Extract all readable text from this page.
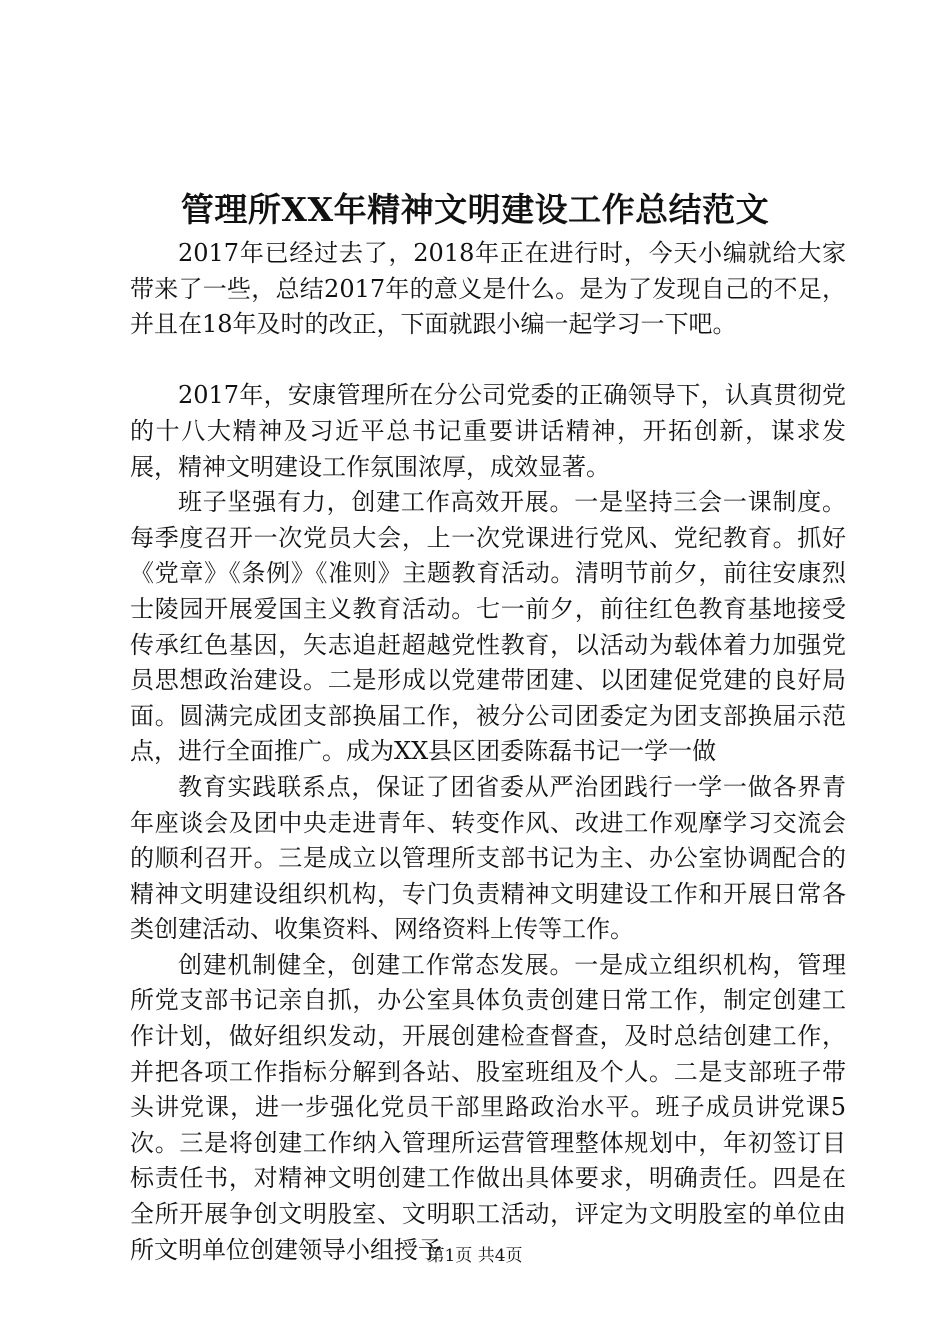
管理所XX年精神文明建设工作总结范文

2017年已经过去了，2018年正在进行时，今天小编就给大家带来了一些，总结2017年的意义是什么。是为了发现自己的不足，并且在18年及时的改正，下面就跟小编一起学习一下吧。

2017年，安康管理所在分公司党委的正确领导下，认真贯彻党的十八大精神及习近平总书记重要讲话精神，开拓创新，谋求发展，精神文明建设工作氛围浓厚，成效显著。

班子坚强有力，创建工作高效开展。一是坚持三会一课制度。每季度召开一次党员大会，上一次党课进行党风、党纪教育。抓好《党章》《条例》《准则》主题教育活动。清明节前夕，前往安康烈士陵园开展爱国主义教育活动。七一前夕，前往红色教育基地接受传承红色基因，矢志追赶超越党性教育，以活动为载体着力加强党员思想政治建设。二是形成以党建带团建、以团建促党建的良好局面。圆满完成团支部换届工作，被分公司团委定为团支部换届示范点，进行全面推广。成为XX县区团委陈磊书记一学一做

教育实践联系点，保证了团省委从严治团践行一学一做各界青年座谈会及团中央走进青年、转变作风、改进工作观摩学习交流会的顺利召开。三是成立以管理所支部书记为主、办公室协调配合的精神文明建设组织机构，专门负责精神文明建设工作和开展日常各类创建活动、收集资料、网络资料上传等工作。

创建机制健全，创建工作常态发展。一是成立组织机构，管理所党支部书记亲自抓，办公室具体负责创建日常工作，制定创建工作计划，做好组织发动，开展创建检查督查，及时总结创建工作，并把各项工作指标分解到各站、股室班组及个人。二是支部班子带头讲党课，进一步强化党员干部里路政治水平。班子成员讲党课5次。三是将创建工作纳入管理所运营管理整体规划中，年初签订目标责任书，对精神文明创建工作做出具体要求，明确责任。四是在全所开展争创文明股室、文明职工活动，评定为文明股室的单位由所文明单位创建领导小组授予

第1页 共4页
